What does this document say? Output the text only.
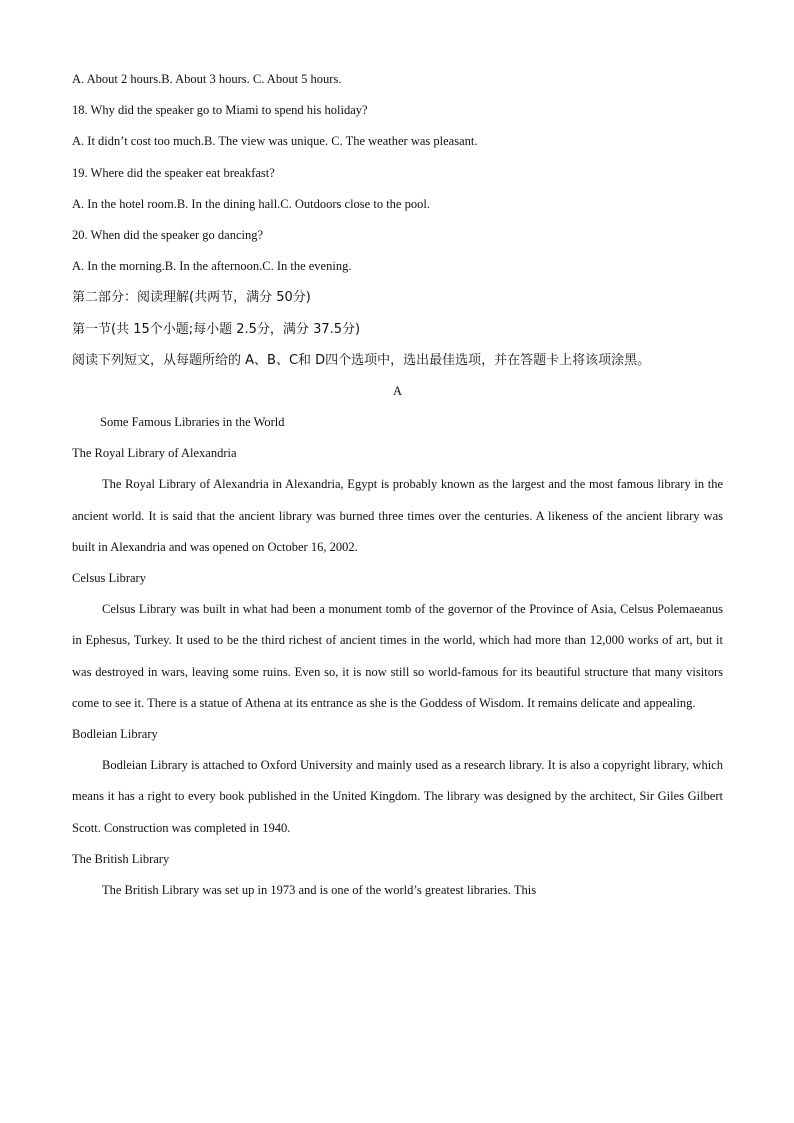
A. About 2 hours.B. About 3 hours. C. About 5 hours.
18. Why did the speaker go to Miami to spend his holiday?
A. It didn’t cost too much.B. The view was unique. C. The weather was pleasant.
19. Where did the speaker eat breakfast?
A. In the hotel room.B. In the dining hall.C. Outdoors close to the pool.
20. When did the speaker go dancing?
A. In the morning.B. In the afternoon.C. In the evening.
第二部分：阅读理解(共两节，满分 50分)
第一节(共 15个小题;每小题 2.5分，满分 37.5分)
阅读下列短文，从每题所给的 A、B、C和 D四个选项中，选出最佳选项，并在答题卡上将该项涂黑。
A
Some Famous Libraries in the World
The Royal Library of Alexandria

The Royal Library of Alexandria in Alexandria, Egypt is probably known as the largest and the most famous library in the ancient world. It is said that the ancient library was burned three times over the centuries. A likeness of the ancient library was built in Alexandria and was opened on October 16, 2002.

Celsus Library

Celsus Library was built in what had been a monument tomb of the governor of the Province of Asia, Celsus Polemaeanus in Ephesus, Turkey. It used to be the third richest of ancient times in the world, which had more than 12,000 works of art, but it was destroyed in wars, leaving some ruins. Even so, it is now still so world-famous for its beautiful structure that many visitors come to see it. There is a statue of Athena at its entrance as she is the Goddess of Wisdom. It remains delicate and appealing.

Bodleian Library

Bodleian Library is attached to Oxford University and mainly used as a research library. It is also a copyright library, which means it has a right to every book published in the United Kingdom. The library was designed by the architect, Sir Giles Gilbert Scott. Construction was completed in 1940.

The British Library

The British Library was set up in 1973 and is one of the world’s greatest libraries. This
